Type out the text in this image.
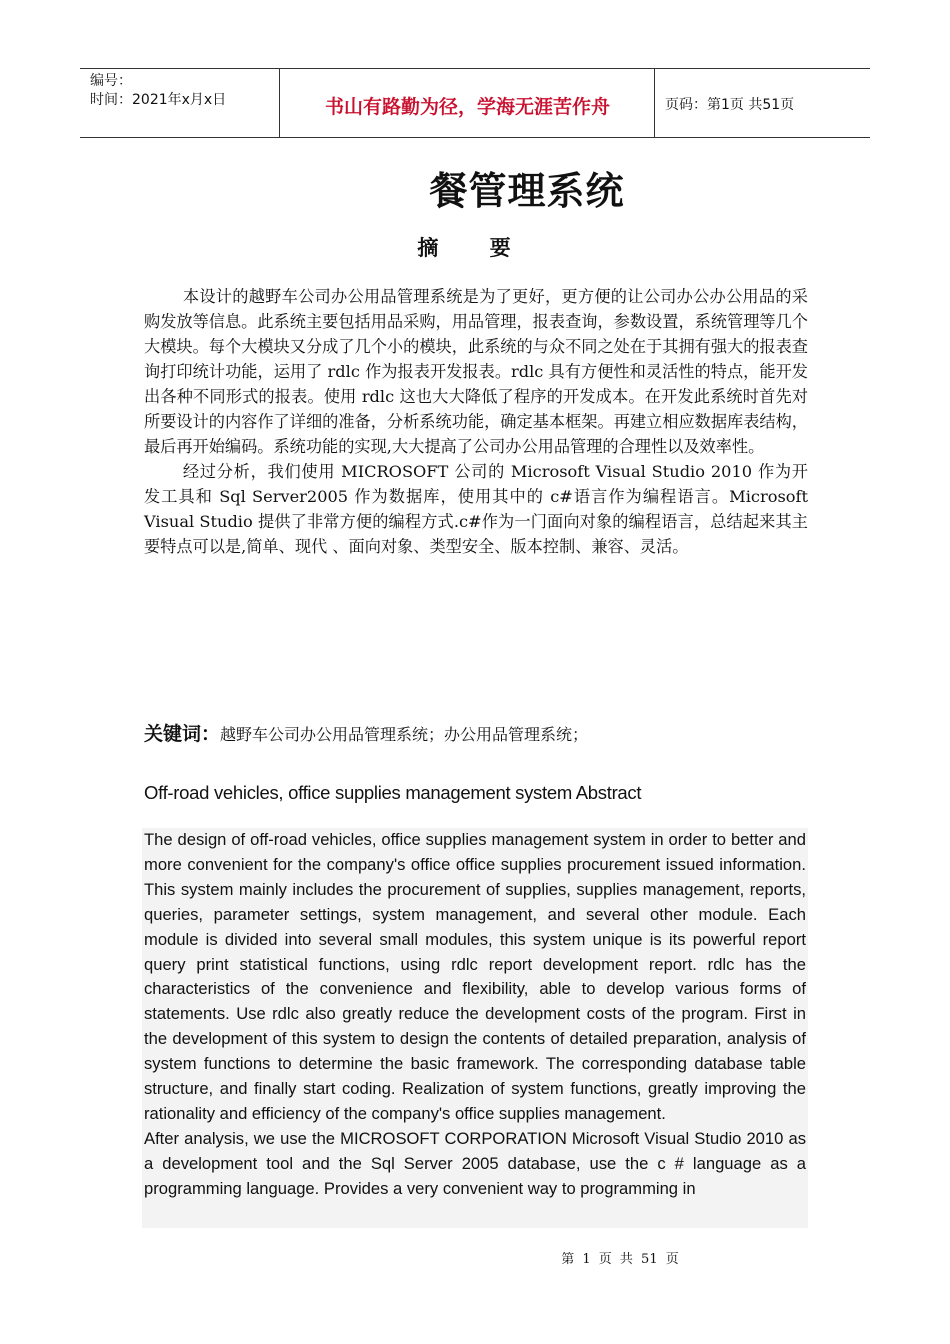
编号：
时间：2021年x月x日	书山有路勤为径，学海无涯苦作舟	页码：第1页 共51页
餐管理系统
摘 要

本设计的越野车公司办公用品管理系统是为了更好，更方便的让公司办公办公用品的采购发放等信息。此系统主要包括用品采购，用品管理，报表查询，参数设置，系统管理等几个大模块。每个大模块又分成了几个小的模块，此系统的与众不同之处在于其拥有强大的报表查询打印统计功能，运用了 rdlc 作为报表开发报表。rdlc 具有方便性和灵活性的特点，能开发出各种不同形式的报表。使用 rdlc 这也大大降低了程序的开发成本。在开发此系统时首先对所要设计的内容作了详细的准备，分析系统功能，确定基本框架。再建立相应数据库表结构，最后再开始编码。系统功能的实现,大大提高了公司办公用品管理的合理性以及效率性。

经过分析，我们使用 MICROSOFT 公司的 Microsoft Visual Studio 2010 作为开发工具和 Sql Server2005 作为数据库，使用其中的 c#语言作为编程语言。Microsoft Visual Studio 提供了非常方便的编程方式.c#作为一门面向对象的编程语言，总结起来其主要特点可以是,简单、现代 、面向对象、类型安全、版本控制、兼容、灵活。

关键词：越野车公司办公用品管理系统；办公用品管理系统；
Off-road vehicles, office supplies management system Abstract

The design of off-road vehicles, office supplies management system in order to better and more convenient for the company's office office supplies procurement issued information. This system mainly includes the procurement of supplies, supplies management, reports, queries, parameter settings, system management, and several other module. Each module is divided into several small modules, this system unique is its powerful report query print statistical functions, using rdlc report development report. rdlc has the characteristics of the convenience and flexibility, able to develop various forms of statements. Use rdlc also greatly reduce the development costs of the program. First in the development of this system to design the contents of detailed preparation, analysis of system functions to determine the basic framework. The corresponding database table structure, and finally start coding. Realization of system functions, greatly improving the rationality and efficiency of the company's office supplies management.

After analysis, we use the MICROSOFT CORPORATION Microsoft Visual Studio 2010 as a development tool and the Sql Server 2005 database, use the c # language as a programming language. Provides a very convenient way to programming in

第 1 页 共 51 页
